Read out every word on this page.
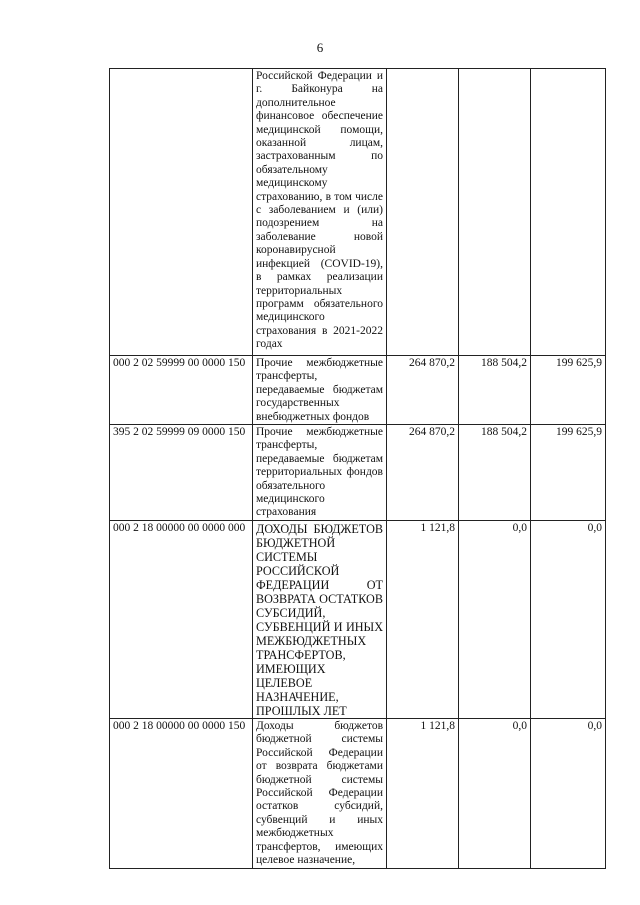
6
	Российской Федерации и г. Байконура на дополнительное финансовое обеспечение медицинской помощи, оказанной лицам, застрахованным по обязательному медицинскому страхованию, в том числе с заболеванием и (или) подозрением на заболевание новой коронавирусной инфекцией (COVID-19), в рамках реализации территориальных программ обязательного медицинского страхования в 2021-2022 годах			
000 2 02 59999 00 0000 150	Прочие межбюджетные трансферты, передаваемые бюджетам государственных внебюджетных фондов	264 870,2	188 504,2	199 625,9
395 2 02 59999 09 0000 150	Прочие межбюджетные трансферты, передаваемые бюджетам территориальных фондов обязательного медицинского страхования	264 870,2	188 504,2	199 625,9
000 2 18 00000 00 0000 000	ДОХОДЫ БЮДЖЕТОВ БЮДЖЕТНОЙ СИСТЕМЫ РОССИЙСКОЙ ФЕДЕРАЦИИ ОТ ВОЗВРАТА ОСТАТКОВ СУБСИДИЙ, СУБВЕНЦИЙ И ИНЫХ МЕЖБЮДЖЕТНЫХ ТРАНСФЕРТОВ, ИМЕЮЩИХ ЦЕЛЕВОЕ НАЗНАЧЕНИЕ, ПРОШЛЫХ ЛЕТ	1 121,8	0,0	0,0
000 2 18 00000 00 0000 150	Доходы бюджетов бюджетной системы Российской Федерации от возврата бюджетами бюджетной системы Российской Федерации остатков субсидий, субвенций и иных межбюджетных трансфертов, имеющих целевое назначение,	1 121,8	0,0	0,0
